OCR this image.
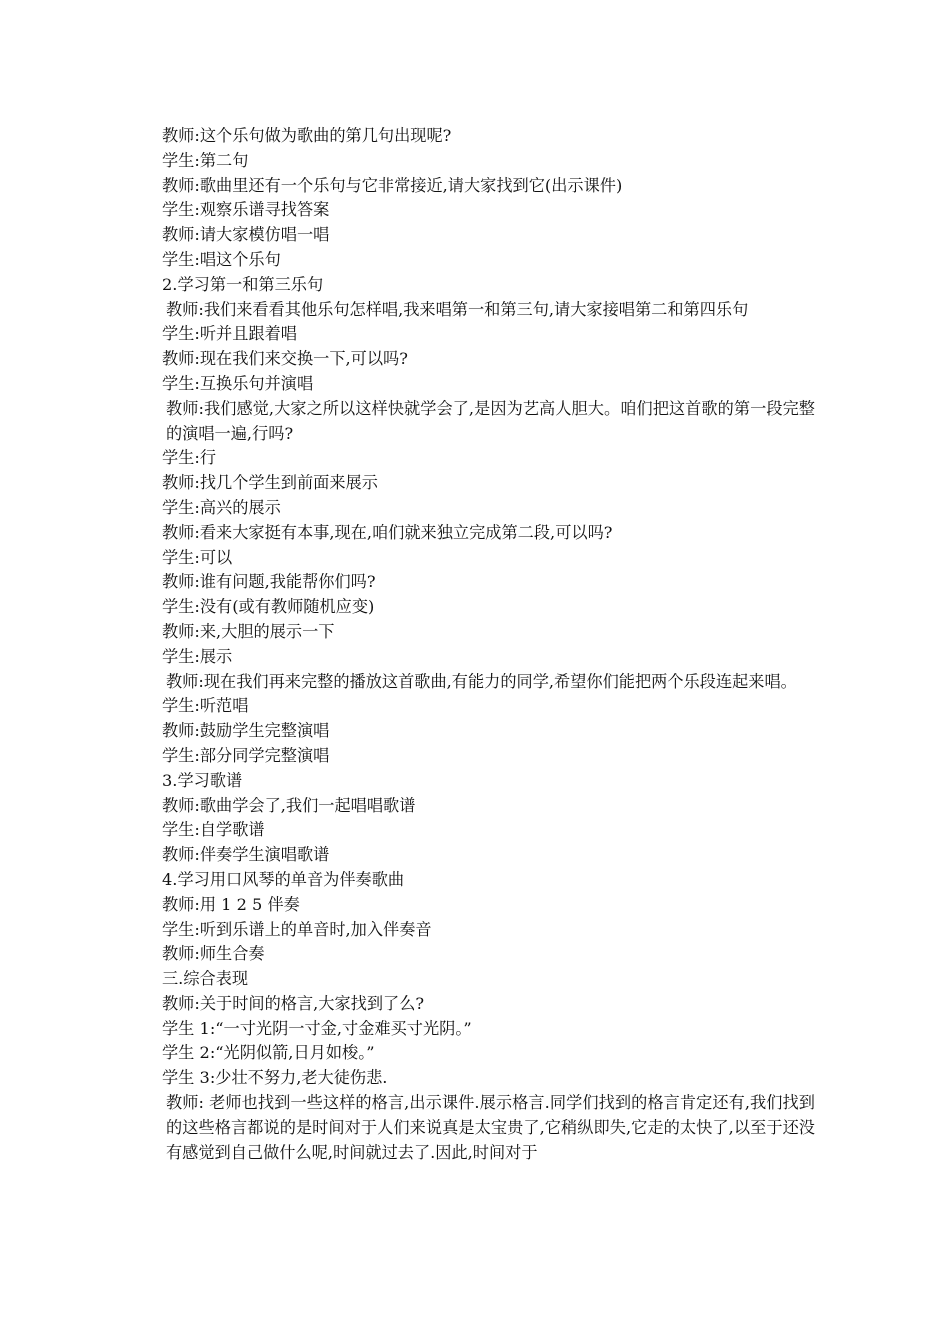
教师:这个乐句做为歌曲的第几句出现呢?
学生:第二句
教师:歌曲里还有一个乐句与它非常接近,请大家找到它(出示课件)
学生:观察乐谱寻找答案
教师:请大家模仿唱一唱
学生:唱这个乐句
2.学习第一和第三乐句
教师:我们来看看其他乐句怎样唱,我来唱第一和第三句,请大家接唱第二和第四乐句
学生:听并且跟着唱
教师:现在我们来交换一下,可以吗?
学生:互换乐句并演唱
教师:我们感觉,大家之所以这样快就学会了,是因为艺高人胆大。咱们把这首歌的第一段完整的演唱一遍,行吗?
学生:行
教师:找几个学生到前面来展示
学生:高兴的展示
教师:看来大家挺有本事,现在,咱们就来独立完成第二段,可以吗?
学生:可以
教师:谁有问题,我能帮你们吗?
学生:没有(或有教师随机应变)
教师:来,大胆的展示一下
学生:展示
教师:现在我们再来完整的播放这首歌曲,有能力的同学,希望你们能把两个乐段连起来唱。
学生:听范唱
教师:鼓励学生完整演唱
学生:部分同学完整演唱
3.学习歌谱
教师:歌曲学会了,我们一起唱唱歌谱
学生:自学歌谱
教师:伴奏学生演唱歌谱
4.学习用口风琴的单音为伴奏歌曲
教师:用 1 2 5 伴奏
学生:听到乐谱上的单音时,加入伴奏音
教师:师生合奏
三.综合表现
教师:关于时间的格言,大家找到了么?
学生 1:“一寸光阴一寸金,寸金难买寸光阴。”
学生 2:“光阴似箭,日月如梭。”
学生 3:少壮不努力,老大徒伤悲.
教师: 老师也找到一些这样的格言,出示课件.展示格言.同学们找到的格言肯定还有,我们找到的这些格言都说的是时间对于人们来说真是太宝贵了,它稍纵即失,它走的太快了,以至于还没有感觉到自己做什么呢,时间就过去了.因此,时间对于
